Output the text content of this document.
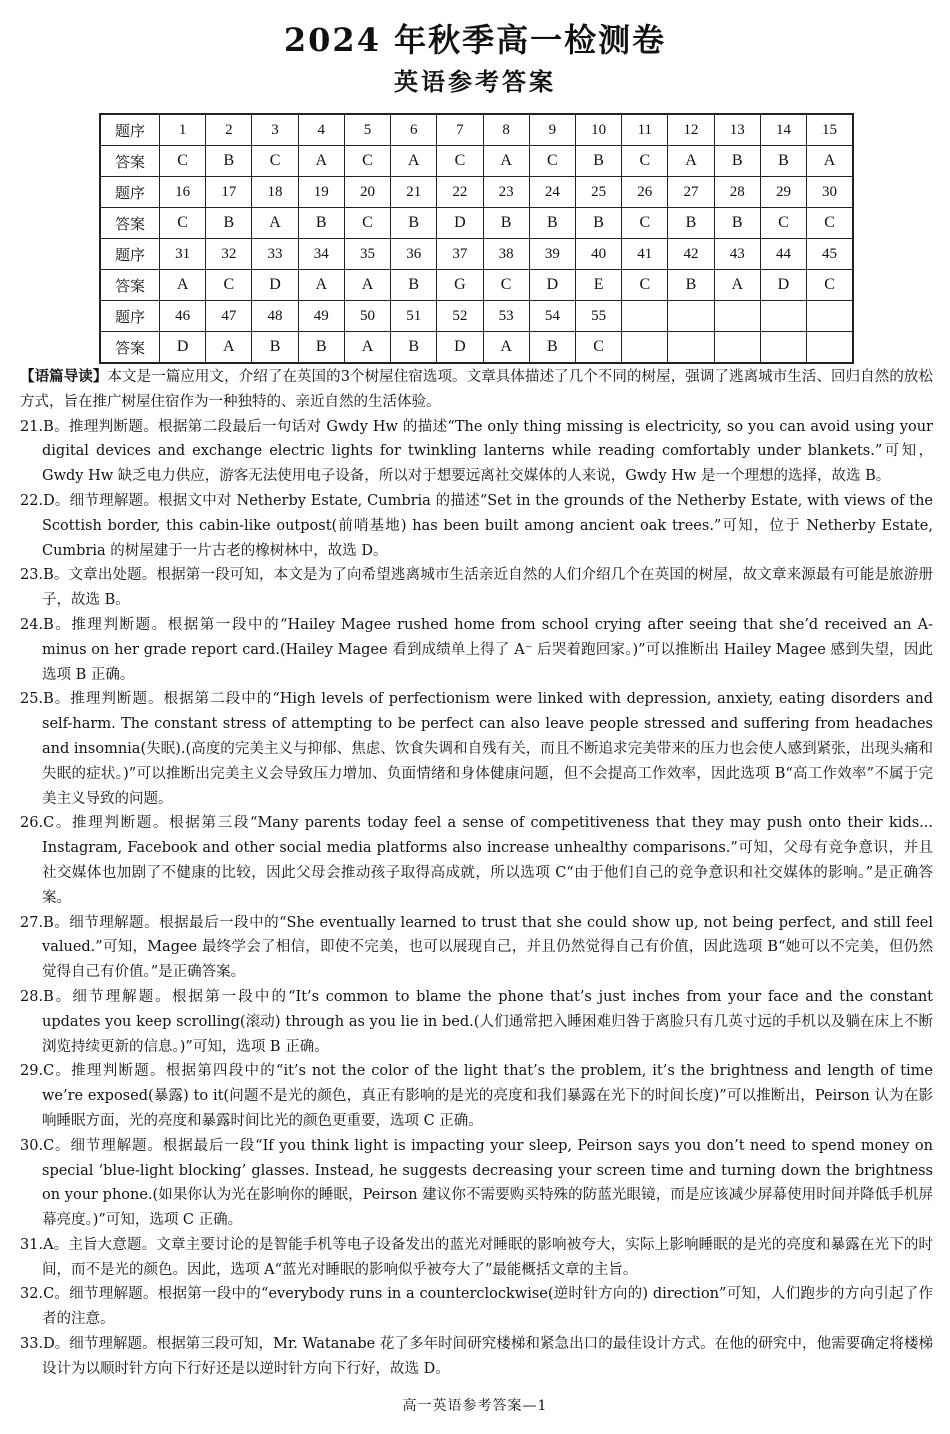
2024 年秋季高一检测卷
英语参考答案
题序	1	2	3	4	5	6	7	8	9	10	11	12	13	14	15
答案	C	B	C	A	C	A	C	A	C	B	C	A	B	B	A
题序	16	17	18	19	20	21	22	23	24	25	26	27	28	29	30
答案	C	B	A	B	C	B	D	B	B	B	C	B	B	C	C
题序	31	32	33	34	35	36	37	38	39	40	41	42	43	44	45
答案	A	C	D	A	A	B	G	C	D	E	C	B	A	D	C
题序	46	47	48	49	50	51	52	53	54	55					
答案	D	A	B	B	A	B	D	A	B	C					

【语篇导读】本文是一篇应用文，介绍了在英国的3个树屋住宿选项。文章具体描述了几个不同的树屋，强调了逃离城市生活、回归自然的放松方式，旨在推广树屋住宿作为一种独特的、亲近自然的生活体验。

21.B。推理判断题。根据第二段最后一句话对 Gwdy Hw 的描述“The only thing missing is electricity, so you can avoid using your digital devices and exchange electric lights for twinkling lanterns while reading comfortably under blankets.”可知，Gwdy Hw 缺乏电力供应，游客无法使用电子设备，所以对于想要远离社交媒体的人来说，Gwdy Hw 是一个理想的选择，故选 B。

22.D。细节理解题。根据文中对 Netherby Estate, Cumbria 的描述“Set in the grounds of the Netherby Estate, with views of the Scottish border, this cabin-like outpost(前哨基地) has been built among ancient oak trees.”可知，位于 Netherby Estate, Cumbria 的树屋建于一片古老的橡树林中，故选 D。

23.B。文章出处题。根据第一段可知，本文是为了向希望逃离城市生活亲近自然的人们介绍几个在英国的树屋，故文章来源最有可能是旅游册子，故选 B。

24.B。推理判断题。根据第一段中的“Hailey Magee rushed home from school crying after seeing that she’d received an A-minus on her grade report card.(Hailey Magee 看到成绩单上得了 A⁻ 后哭着跑回家。)”可以推断出 Hailey Magee 感到失望，因此选项 B 正确。

25.B。推理判断题。根据第二段中的“High levels of perfectionism were linked with depression, anxiety, eating disorders and self-harm. The constant stress of attempting to be perfect can also leave people stressed and suffering from headaches and insomnia(失眠).(高度的完美主义与抑郁、焦虑、饮食失调和自残有关，而且不断追求完美带来的压力也会使人感到紧张，出现头痛和失眠的症状。)”可以推断出完美主义会导致压力增加、负面情绪和身体健康问题，但不会提高工作效率，因此选项 B“高工作效率”不属于完美主义导致的问题。

26.C。推理判断题。根据第三段“Many parents today feel a sense of competitiveness that they may push onto their kids... Instagram, Facebook and other social media platforms also increase unhealthy comparisons.”可知，父母有竞争意识，并且社交媒体也加剧了不健康的比较，因此父母会推动孩子取得高成就，所以选项 C“由于他们自己的竞争意识和社交媒体的影响。”是正确答案。

27.B。细节理解题。根据最后一段中的“She eventually learned to trust that she could show up, not being perfect, and still feel valued.”可知，Magee 最终学会了相信，即使不完美，也可以展现自己，并且仍然觉得自己有价值，因此选项 B“她可以不完美，但仍然觉得自己有价值。”是正确答案。

28.B。细节理解题。根据第一段中的“It’s common to blame the phone that’s just inches from your face and the constant updates you keep scrolling(滚动) through as you lie in bed.(人们通常把入睡困难归咎于离脸只有几英寸远的手机以及躺在床上不断浏览持续更新的信息。)”可知，选项 B 正确。

29.C。推理判断题。根据第四段中的“it’s not the color of the light that’s the problem, it’s the brightness and length of time we’re exposed(暴露) to it(问题不是光的颜色，真正有影响的是光的亮度和我们暴露在光下的时间长度)”可以推断出，Peirson 认为在影响睡眠方面，光的亮度和暴露时间比光的颜色更重要，选项 C 正确。

30.C。细节理解题。根据最后一段“If you think light is impacting your sleep, Peirson says you don’t need to spend money on special ‘blue-light blocking’ glasses. Instead, he suggests decreasing your screen time and turning down the brightness on your phone.(如果你认为光在影响你的睡眠，Peirson 建议你不需要购买特殊的防蓝光眼镜，而是应该减少屏幕使用时间并降低手机屏幕亮度。)”可知，选项 C 正确。

31.A。主旨大意题。文章主要讨论的是智能手机等电子设备发出的蓝光对睡眠的影响被夸大，实际上影响睡眠的是光的亮度和暴露在光下的时间，而不是光的颜色。因此，选项 A“蓝光对睡眠的影响似乎被夸大了”最能概括文章的主旨。

32.C。细节理解题。根据第一段中的“everybody runs in a counterclockwise(逆时针方向的) direction”可知，人们跑步的方向引起了作者的注意。

33.D。细节理解题。根据第三段可知，Mr. Watanabe 花了多年时间研究楼梯和紧急出口的最佳设计方式。在他的研究中，他需要确定将楼梯设计为以顺时针方向下行好还是以逆时针方向下行好，故选 D。

高一英语参考答案—1
